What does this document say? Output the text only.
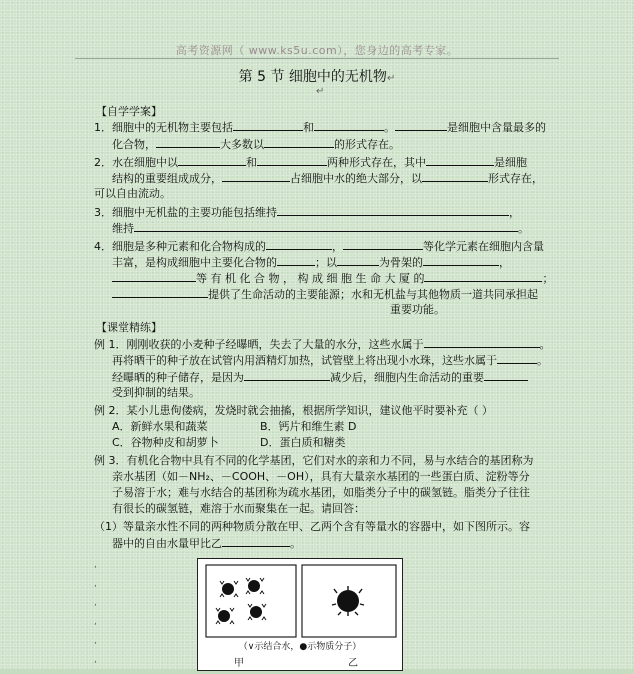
高考资源网（ www.ks5u.com），您身边的高考专家。
第 5 节 细胞中的无机物↵
↵
【自学学案】
1．细胞中的无机物主要包括	和	。	是细胞中含量最多的
化合物，	大多数以	的形式存在。
2．水在细胞中以	和	两种形式存在，其中	是细胞
结构的重要组成成分，	占细胞中水的绝大部分，以	形式存在，
可以自由流动。
3．细胞中无机盐的主要功能包括维持	，
维持	。
4．细胞是多种元素和化合物构成的	，	等化学元素在细胞内含量
丰富，是构成细胞中主要化合物的	；以	为骨架的	，
等 有 机 化 合 物 ， 构 成 细 胞 生 命 大 厦 的	；
提供了生命活动的主要能源；水和无机盐与其他物质一道共同承担起
重要功能。
【课堂精练】
例 1．刚刚收获的小麦种子经曝晒，失去了大量的水分，这些水属于	。
再将晒干的种子放在试管内用酒精灯加热，试管壁上将出现小水珠，这些水属于	。
经曝晒的种子储存，是因为	减少后，细胞内生命活动的重要
受到抑制的结果。
例 2．某小儿患佝偻病，发烧时就会抽搐，根据所学知识，建议他平时要补充（ ）
A．新鲜水果和蔬菜	B．钙片和维生素 D
C．谷物种皮和胡萝卜	D．蛋白质和糖类
例 3．有机化合物中具有不同的化学基团，它们对水的亲和力不同，易与水结合的基团称为
亲水基团（如－NH₂、－COOH、－OH），具有大量亲水基团的一些蛋白质、淀粉等分
子易溶于水；难与水结合的基团称为疏水基团，如脂类分子中的碳氢链。脂类分子往往
有很长的碳氢链，难溶于水而聚集在一起。请回答：
（1）等量亲水性不同的两种物质分散在甲、乙两个含有等量水的容器中，如下图所示。容
器中的自由水量甲比乙	。
,
,
,
,
,
,

（∨示结合水，●示物质分子）
甲	乙
